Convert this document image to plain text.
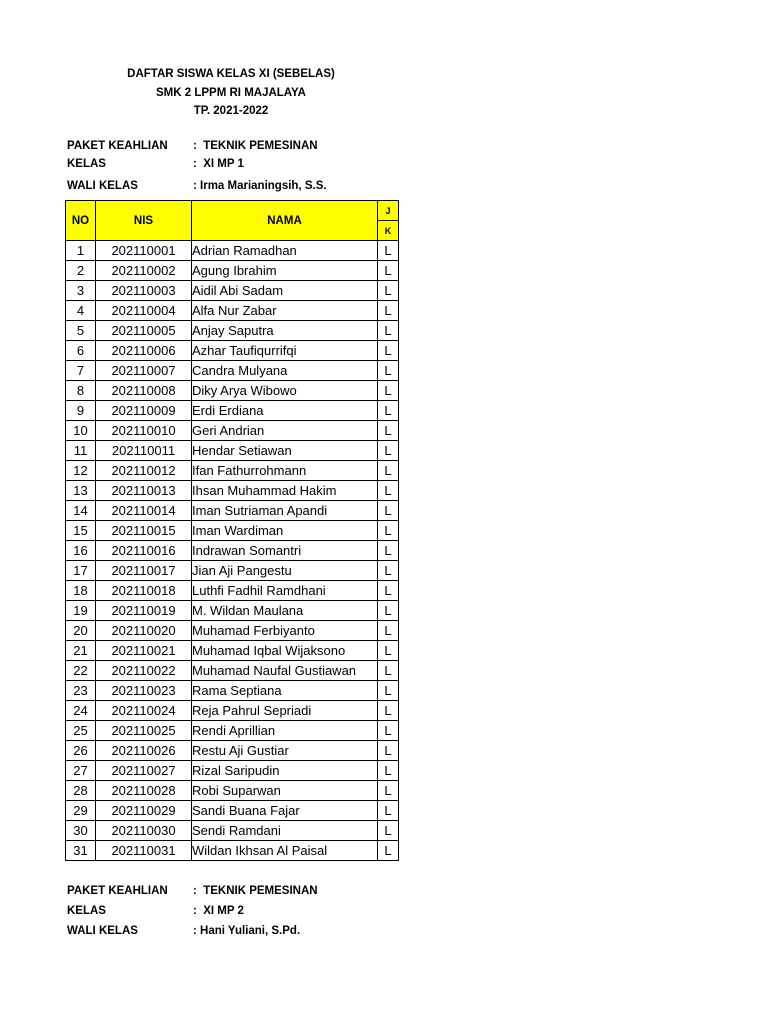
DAFTAR SISWA KELAS XI (SEBELAS)
SMK 2 LPPM RI MAJALAYA
TP. 2021-2022
PAKET KEAHLIAN :  TEKNIK PEMESINAN
KELAS	:  XI MP 1
WALI KELAS	: Irma Marianingsih, S.S.
NO	NIS	NAMA	J
			K
1	202110001	Adrian Ramadhan	L
2	202110002	Agung Ibrahim	L
3	202110003	Aidil Abi Sadam	L
4	202110004	Alfa Nur Zabar	L
5	202110005	Anjay Saputra	L
6	202110006	Azhar Taufiqurrifqi	L
7	202110007	Candra Mulyana	L
8	202110008	Diky Arya Wibowo	L
9	202110009	Erdi Erdiana	L
10	202110010	Geri Andrian	L
11	202110011	Hendar Setiawan	L
12	202110012	Ifan Fathurrohmann	L
13	202110013	Ihsan Muhammad Hakim	L
14	202110014	Iman Sutriaman Apandi	L
15	202110015	Iman Wardiman	L
16	202110016	Indrawan Somantri	L
17	202110017	Jian Aji Pangestu	L
18	202110018	Luthfi Fadhil Ramdhani	L
19	202110019	M. Wildan Maulana	L
20	202110020	Muhamad Ferbiyanto	L
21	202110021	Muhamad Iqbal Wijaksono	L
22	202110022	Muhamad Naufal Gustiawan	L
23	202110023	Rama Septiana	L
24	202110024	Reja Pahrul Sepriadi	L
25	202110025	Rendi Aprillian	L
26	202110026	Restu Aji Gustiar	L
27	202110027	Rizal Saripudin	L
28	202110028	Robi Suparwan	L
29	202110029	Sandi Buana Fajar	L
30	202110030	Sendi Ramdani	L
31	202110031	Wildan Ikhsan Al Paisal	L
PAKET KEAHLIAN :  TEKNIK PEMESINAN
KELAS	:  XI MP 2
WALI KELAS	: Hani Yuliani, S.Pd.
